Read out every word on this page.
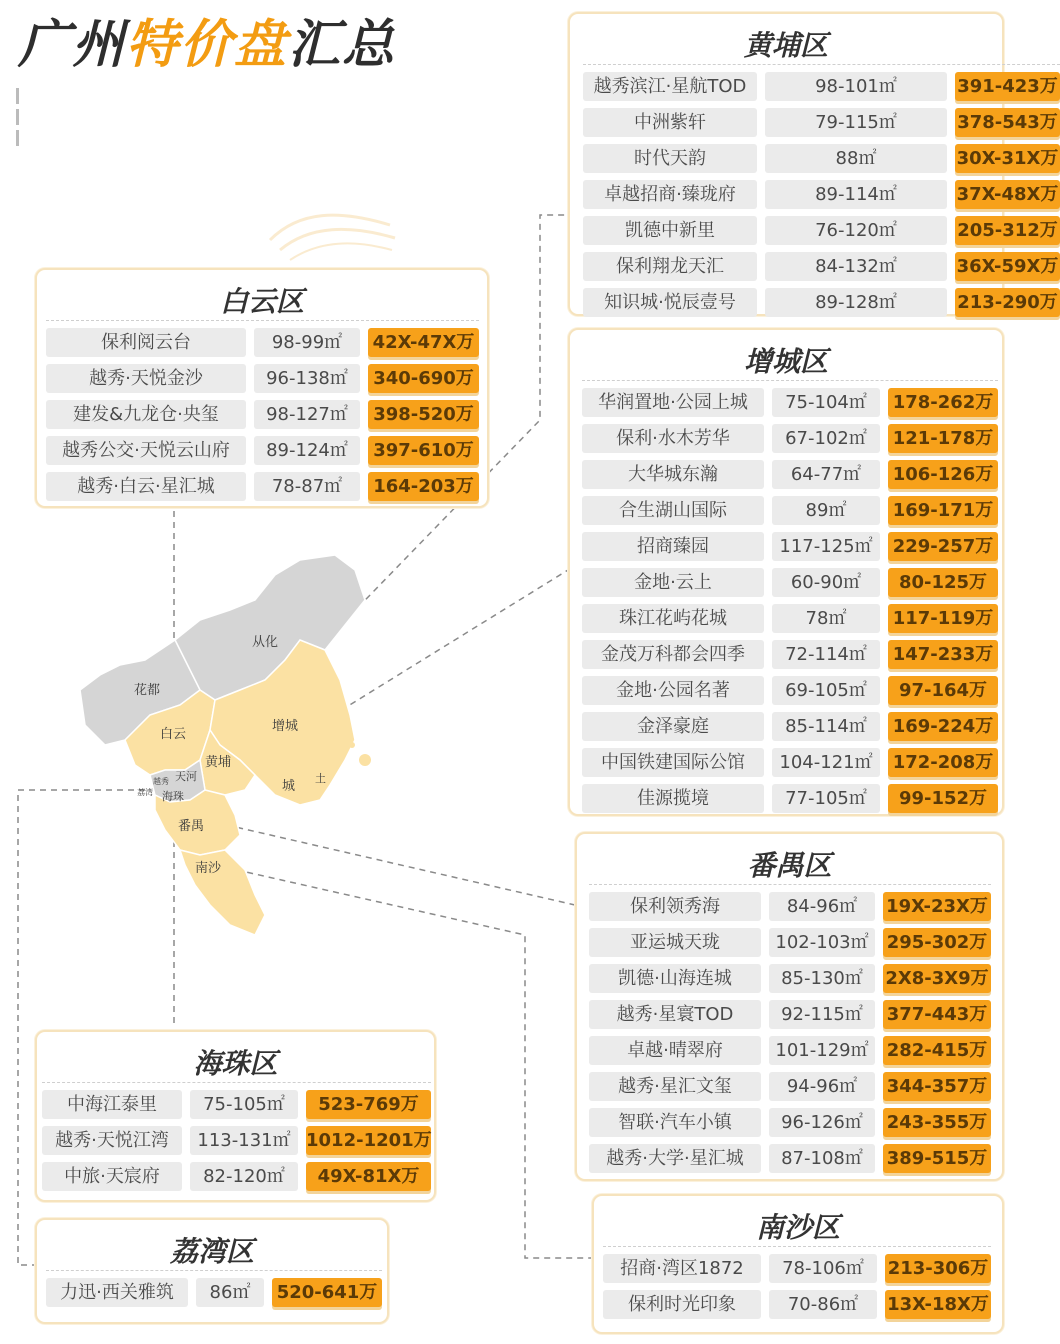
广州特价盘汇总
从化
花都
白云
增城
黄埔
天河
越秀
荔湾 海珠
番禺
南沙
城
土
黄埔区
越秀滨江·星航TOD	98-101㎡	391-423万
中洲紫轩	79-115㎡	378-543万
时代天韵	88㎡	30X-31X万
卓越招商·臻珑府	89-114㎡	37X-48X万
凯德中新里	76-120㎡	205-312万
保利翔龙天汇	84-132㎡	36X-59X万
知识城·悦辰壹号	89-128㎡	213-290万
白云区
保利阅云台	98-99㎡	42X-47X万
越秀·天悦金沙	96-138㎡	340-690万
建发&九龙仓·央玺	98-127㎡	398-520万
越秀公交·天悦云山府	89-124㎡	397-610万
越秀·白云·星汇城	78-87㎡	164-203万
增城区
华润置地·公园上城	75-104㎡	178-262万
保利·水木芳华	67-102㎡	121-178万
大华城东瀚	64-77㎡	106-126万
合生湖山国际	89㎡	169-171万
招商臻园	117-125㎡	229-257万
金地·云上	60-90㎡	80-125万
珠江花屿花城	78㎡	117-119万
金茂万科都会四季	72-114㎡	147-233万
金地·公园名著	69-105㎡	97-164万
金泽豪庭	85-114㎡	169-224万
中国铁建国际公馆	104-121㎡	172-208万
佳源揽境	77-105㎡	99-152万
番禺区
保利领秀海	84-96㎡	19X-23X万
亚运城天珑	102-103㎡	295-302万
凯德·山海连城	85-130㎡	2X8-3X9万
越秀·星寰TOD	92-115㎡	377-443万
卓越·晴翠府	101-129㎡	282-415万
越秀·星汇文玺	94-96㎡	344-357万
智联·汽车小镇	96-126㎡	243-355万
越秀·大学·星汇城	87-108㎡	389-515万
海珠区
中海江泰里	75-105㎡	523-769万
越秀·天悦江湾	113-131㎡ 1012-1201万
中旅·天宸府	82-120㎡	49X-81X万
荔湾区
力迅·西关雅筑	86㎡	520-641万
南沙区
招商·湾区1872	78-106㎡	213-306万
保利时光印象	70-86㎡	13X-18X万
